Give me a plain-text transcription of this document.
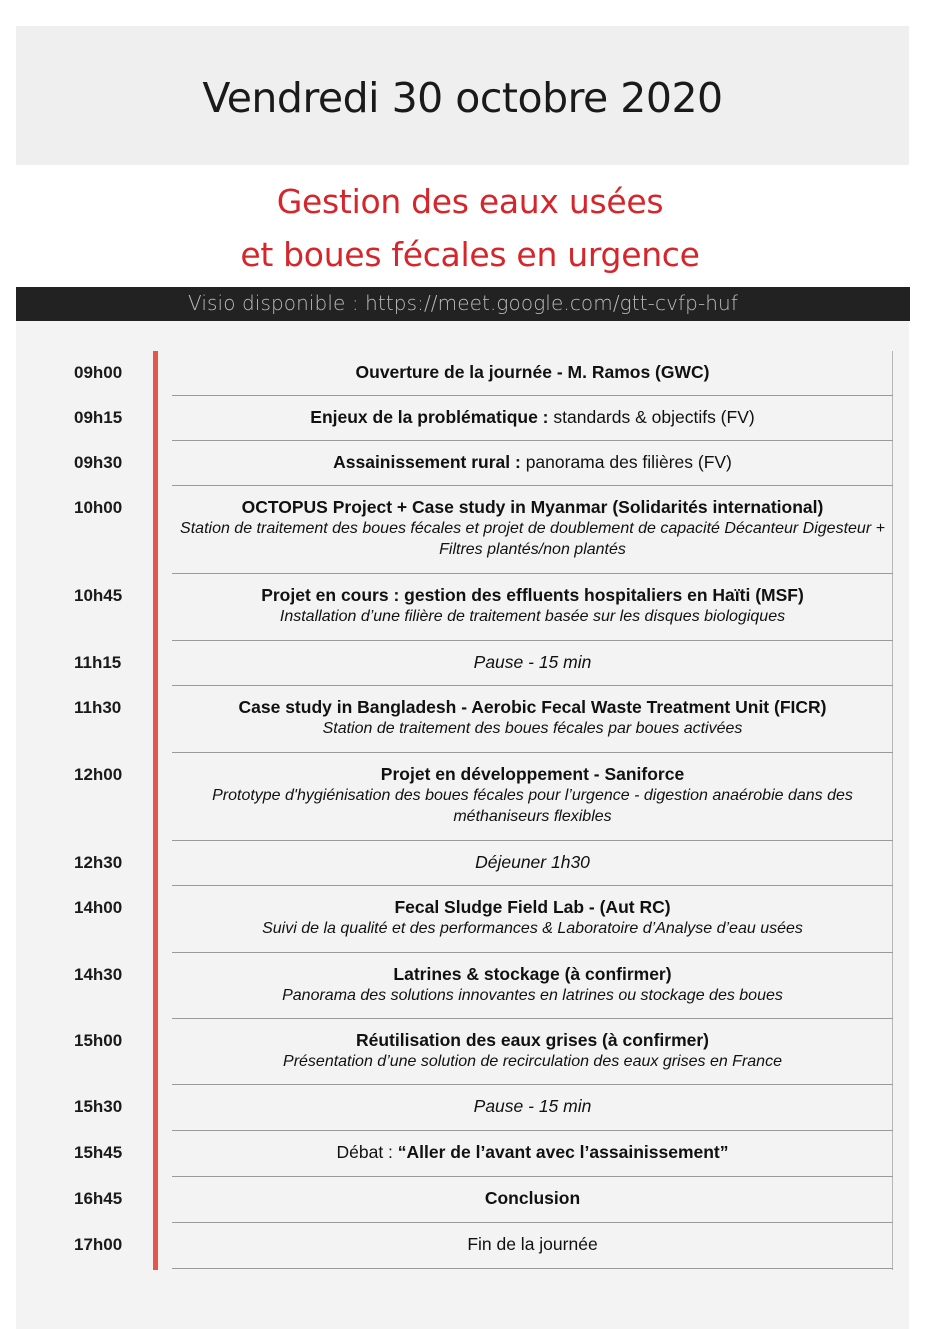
Vendredi 30 octobre 2020
Gestion des eaux usées
et boues fécales en urgence
Visio disponible : https://meet.google.com/gtt-cvfp-huf
09h00	Ouverture de la journée - M. Ramos (GWC)
09h15	Enjeux de la problématique : standards & objectifs (FV)
09h30	Assainissement rural : panorama des filières (FV)
10h00	OCTOPUS Project + Case study in Myanmar (Solidarités international)
Station de traitement des boues fécales et projet de doublement de capacité Décanteur Digesteur + Filtres plantés/non plantés
10h45	Projet en cours : gestion des effluents hospitaliers en Haïti (MSF)
Installation d’une filière de traitement basée sur les disques biologiques
11h15	Pause - 15 min
11h30	Case study in Bangladesh - Aerobic Fecal Waste Treatment Unit (FICR)
Station de traitement des boues fécales par boues activées
12h00	Projet en développement - Saniforce
Prototype d'hygiénisation des boues fécales pour l’urgence - digestion anaérobie dans des méthaniseurs flexibles
12h30	Déjeuner 1h30
14h00	Fecal Sludge Field Lab - (Aut RC)
Suivi de la qualité et des performances & Laboratoire d’Analyse d’eau usées
14h30	Latrines & stockage (à confirmer)
Panorama des solutions innovantes en latrines ou stockage des boues
15h00	Réutilisation des eaux grises (à confirmer)
Présentation d’une solution de recirculation des eaux grises en France
15h30	Pause - 15 min
15h45	Débat : “Aller de l’avant avec l’assainissement”
16h45	Conclusion
17h00	Fin de la journée
